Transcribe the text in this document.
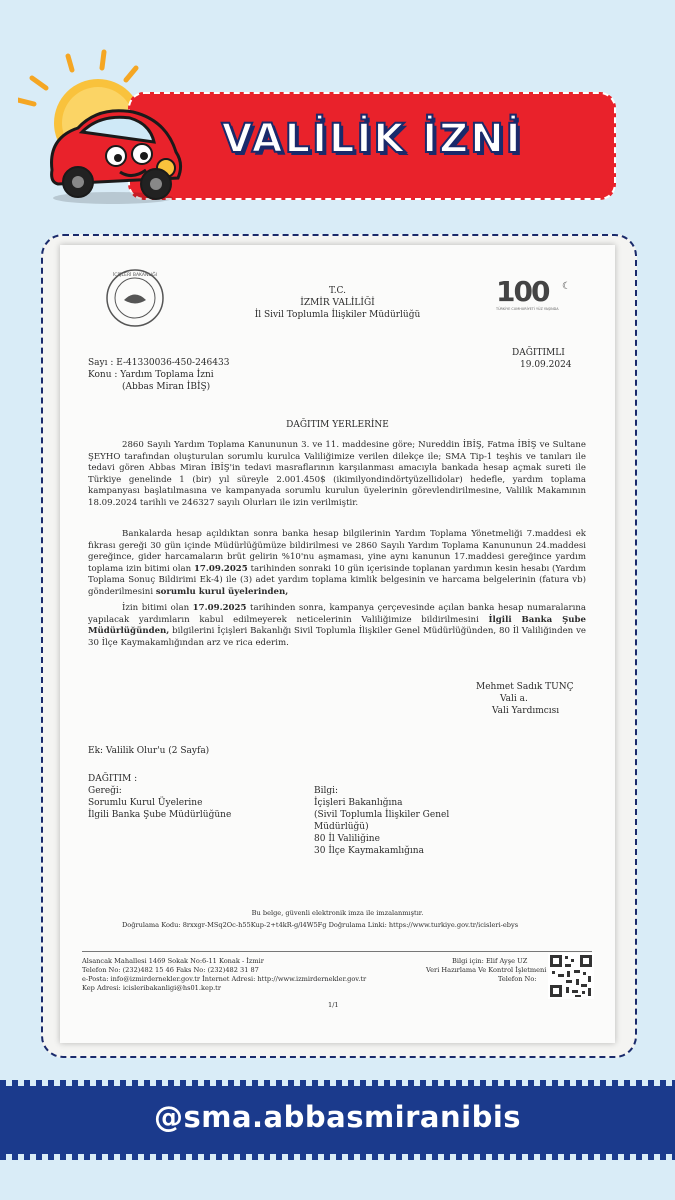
VALİLİK İZNİ
İÇİŞLERİ BAKANLIĞI
T.C.
İZMİR VALİLİĞİ
İl Sivil Toplumla İlişkiler Müdürlüğü
100 ☾
TÜRKİYE CUMHURİYETİ YÜZ YAŞINDA
Sayı : E-41330036-450-246433
Konu : Yardım Toplama İzni
(Abbas Miran İBİŞ)
DAĞITIMLI
19.09.2024
DAĞITIM YERLERİNE
2860 Sayılı Yardım Toplama Kanununun 3. ve 11. maddesine göre; Nureddin İBİŞ, Fatma İBİŞ ve Sultane ŞEYHO tarafından oluşturulan sorumlu kurulca Valiliğimize verilen dilekçe ile; SMA Tip-1 teşhis ve tanıları ile tedavi gören Abbas Miran İBİŞ'in tedavi masraflarının karşılanması amacıyla bankada hesap açmak sureti ile Türkiye genelinde 1 (bir) yıl süreyle 2.001.450$ (ikimilyondindörtyüzellidolar) hedefle, yardım toplama kampanyası başlatılmasına ve kampanyada sorumlu kurulun üyelerinin görevlendirilmesine, Valilik Makamının 18.09.2024 tarihli ve 246327 sayılı Olurları ile izin verilmiştir.
Bankalarda hesap açıldıktan sonra banka hesap bilgilerinin Yardım Toplama Yönetmeliği 7.maddesi ek fıkrası gereği 30 gün içinde Müdürlüğümüze bildirilmesi ve 2860 Sayılı Yardım Toplama Kanununun 24.maddesi gereğince, gider harcamaların brüt gelirin %10'nu aşmaması, yine aynı kanunun 17.maddesi gereğince yardım toplama izin bitimi olan 17.09.2025 tarihinden sonraki 10 gün içerisinde toplanan yardımın kesin hesabı (Yardım Toplama Sonuç Bildirimi Ek-4) ile (3) adet yardım toplama kimlik belgesinin ve harcama belgelerinin (fatura vb) gönderilmesini sorumlu kurul üyelerinden,
İzin bitimi olan 17.09.2025 tarihinden sonra, kampanya çerçevesinde açılan banka hesap numaralarına yapılacak yardımların kabul edilmeyerek neticelerinin Valiliğimize bildirilmesini İlgili Banka Şube Müdürlüğünden, bilgilerini İçişleri Bakanlığı Sivil Toplumla İlişkiler Genel Müdürlüğünden, 80 İl Valiliğinden ve 30 İlçe Kaymakamlığından arz ve rica ederim.
Mehmet Sadık TUNÇ
Vali a.
Vali Yardımcısı
Ek: Valilik Olur'u (2 Sayfa)
DAĞITIM :
Gereği:
Sorumlu Kurul Üyelerine
İlgili Banka Şube Müdürlüğüne
Bilgi:
İçişleri Bakanlığına
(Sivil Toplumla İlişkiler Genel
Müdürlüğü)
80 İl Valiliğine
30 İlçe Kaymakamlığına
Bu belge, güvenli elektronik imza ile imzalanmıştır.
Doğrulama Kodu: 8rxxgr-MSq2Oc-h55Kup-2+t4kR-g/l4W5Fg Doğrulama Linki: https://www.turkiye.gov.tr/icisleri-ebys
Alsancak Mahallesi 1469 Sokak No:6-11 Konak - İzmir
Telefon No: (232)482 15 46 Faks No: (232)482 31 87
e-Posta: info@izmirdernekler.gov.tr İnternet Adresi: http://www.izmirdernekler.gov.tr
Kep Adresi: icisleribakanligi@hs01.kep.tr
Bilgi için: Elif Ayşe UZ
Veri Hazırlama Ve Kontrol İşletmeni
Telefon No:
1/1
@sma.abbasmiranibis
